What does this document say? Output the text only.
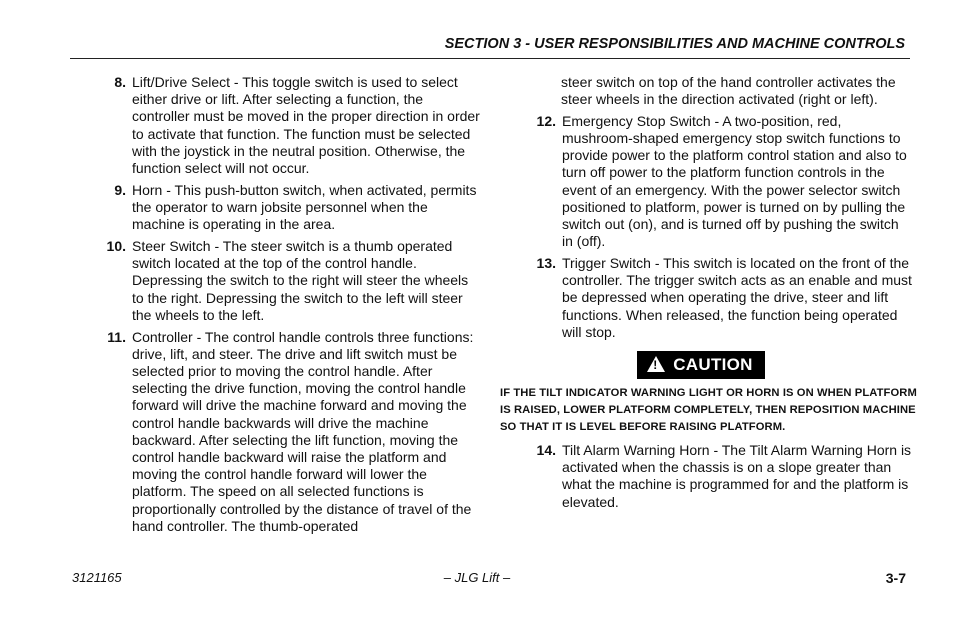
SECTION 3 - USER RESPONSIBILITIES AND MACHINE CONTROLS
8. Lift/Drive Select - This toggle switch is used to select either drive or lift. After selecting a function, the controller must be moved in the proper direction in order to activate that function. The function must be selected with the joystick in the neutral position. Otherwise, the function select will not occur.
9. Horn - This push-button switch, when activated, permits the operator to warn jobsite personnel when the machine is operating in the area.
10. Steer Switch - The steer switch is a thumb operated switch located at the top of the control handle. Depressing the switch to the right will steer the wheels to the right. Depressing the switch to the left will steer the wheels to the left.
11. Controller - The control handle controls three functions: drive, lift, and steer. The drive and lift switch must be selected prior to moving the control handle. After selecting the drive function, moving the control handle forward will drive the machine forward and moving the control handle backwards will drive the machine backward. After selecting the lift function, moving the control handle backward will raise the platform and moving the control handle forward will lower the platform. The speed on all selected functions is proportionally controlled by the distance of travel of the hand controller. The thumb-operated
steer switch on top of the hand controller activates the steer wheels in the direction activated (right or left).
12. Emergency Stop Switch - A two-position, red, mushroom-shaped emergency stop switch functions to provide power to the platform control station and also to turn off power to the platform function controls in the event of an emergency. With the power selector switch positioned to platform, power is turned on by pulling the switch out (on), and is turned off by pushing the switch in (off).
13. Trigger Switch - This switch is located on the front of the controller. The trigger switch acts as an enable and must be depressed when operating the drive, steer and lift functions. When released, the function being operated will stop.
!CAUTION
IF THE TILT INDICATOR WARNING LIGHT OR HORN IS ON WHEN PLATFORM IS RAISED, LOWER PLATFORM COMPLETELY, THEN REPOSITION MACHINE SO THAT IT IS LEVEL BEFORE RAISING PLATFORM.
14. Tilt Alarm Warning Horn - The Tilt Alarm Warning Horn is activated when the chassis is on a slope greater than what the machine is programmed for and the platform is elevated.
– JLG Lift –
3121165	3-7
